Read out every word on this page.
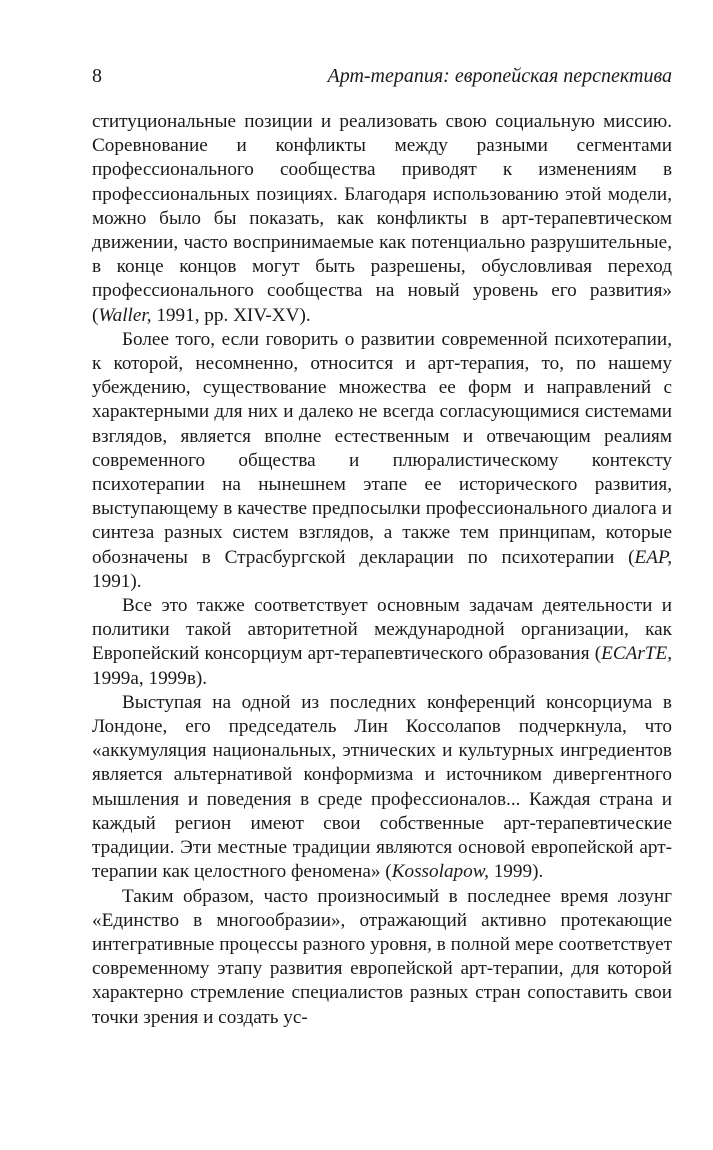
8	Арт-терапия: европейская перспектива

ституциональные позиции и реализовать свою социальную миссию. Соревнование и конфликты между разными сегментами профессионального сообщества приводят к изменениям в профессиональных позициях. Благодаря использованию этой модели, можно было бы показать, как конфликты в арт-терапевтическом движении, часто воспринимаемые как потенциально разрушительные, в конце концов могут быть разрешены, обусловливая переход профессионального сообщества на новый уровень его развития» (Waller, 1991, pp. XIV-XV).

Более того, если говорить о развитии современной психотерапии, к которой, несомненно, относится и арт-терапия, то, по нашему убеждению, существование множества ее форм и направлений с характерными для них и далеко не всегда согласующимися системами взглядов, является вполне естественным и отвечающим реалиям современного общества и плюралистическому контексту психотерапии на нынешнем этапе ее исторического развития, выступающему в качестве предпосылки профессионального диалога и синтеза разных систем взглядов, а также тем принципам, которые обозначены в Страсбургской декларации по психотерапии (EAP, 1991).

Все это также соответствует основным задачам деятельности и политики такой авторитетной международной организации, как Европейский консорциум арт-терапевтического образования (ECArTE, 1999а, 1999в).

Выступая на одной из последних конференций консорциума в Лондоне, его председатель Лин Коссолапов подчеркнула, что «аккумуляция национальных, этнических и культурных ингредиентов является альтернативой конформизма и источником дивергентного мышления и поведения в среде профессионалов... Каждая страна и каждый регион имеют свои собственные арт-терапевтические традиции. Эти местные традиции являются основой европейской арт-терапии как целостного феномена» (Kossolapow, 1999).

Таким образом, часто произносимый в последнее время лозунг «Единство в многообразии», отражающий активно протекающие интегративные процессы разного уровня, в полной мере соответствует современному этапу развития европейской арт-терапии, для которой характерно стремление специалистов разных стран сопоставить свои точки зрения и создать ус-
